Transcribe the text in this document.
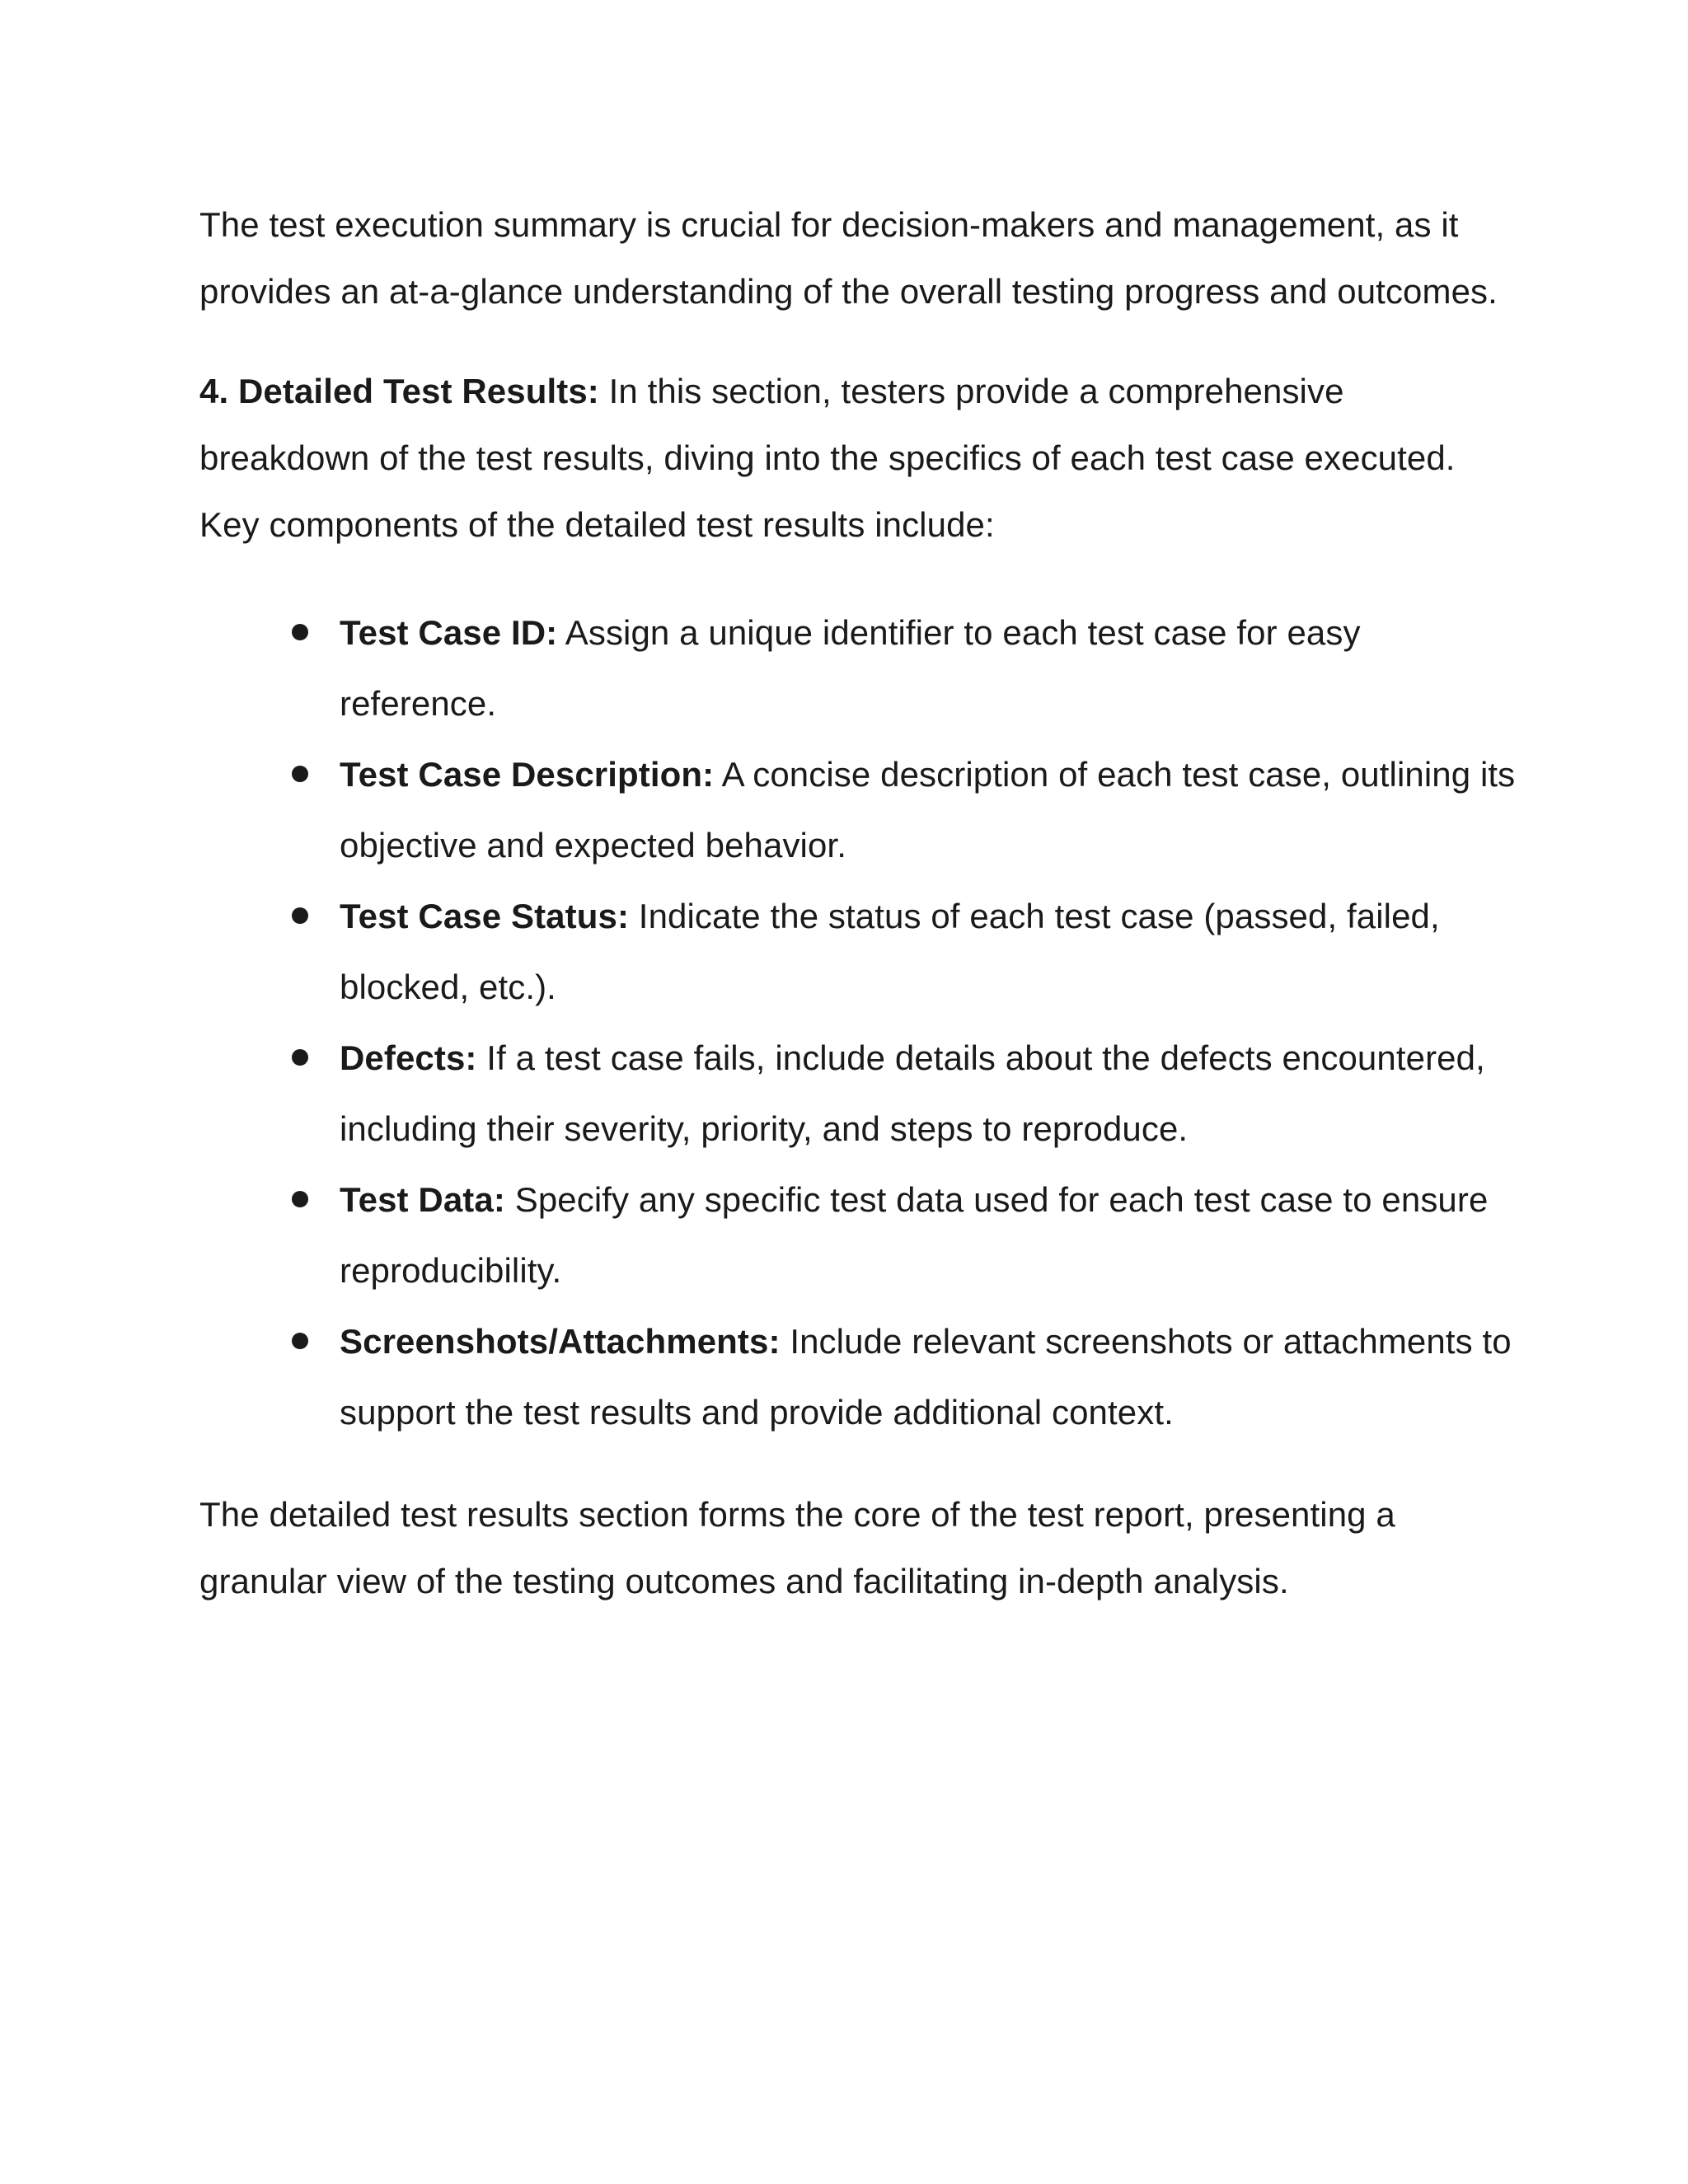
The test execution summary is crucial for decision-makers and management, as it provides an at-a-glance understanding of the overall testing progress and outcomes.

4. Detailed Test Results: In this section, testers provide a comprehensive breakdown of the test results, diving into the specifics of each test case executed. Key components of the detailed test results include:

Test Case ID: Assign a unique identifier to each test case for easy reference.
Test Case Description: A concise description of each test case, outlining its objective and expected behavior.
Test Case Status: Indicate the status of each test case (passed, failed, blocked, etc.).
Defects: If a test case fails, include details about the defects encountered, including their severity, priority, and steps to reproduce.
Test Data: Specify any specific test data used for each test case to ensure reproducibility.
Screenshots/Attachments: Include relevant screenshots or attachments to support the test results and provide additional context.

The detailed test results section forms the core of the test report, presenting a granular view of the testing outcomes and facilitating in-depth analysis.
